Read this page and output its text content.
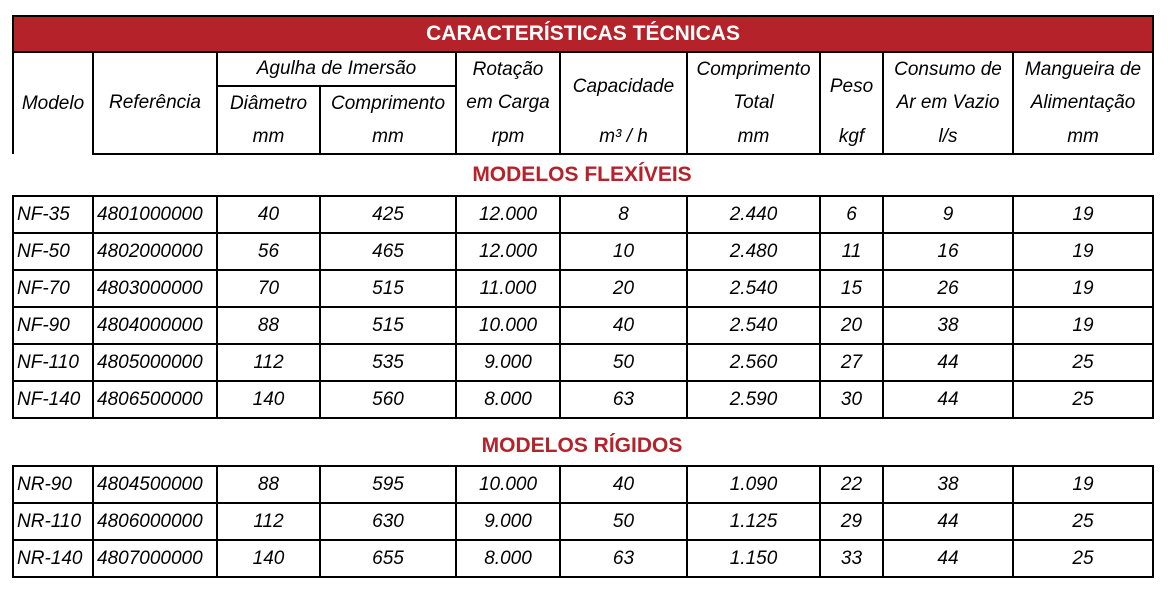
CARACTERÍSTICAS TÉCNICAS									
Modelo	Referência	Agulha de Imersão		Rotação	Capacidade	Comprimento	Peso	Consumo de	Mangueira de
		Diâmetro	Comprimento	em Carga		Total		Ar em Vazio	Alimentação
		mm	mm	rpm	m³ / h	mm	kgf	l/s	mm
MODELOS FLEXÍVEIS
NF-35	4801000000	40	425	12.000	8	2.440	6	9	19
NF-50	4802000000	56	465	12.000	10	2.480	11	16	19
NF-70	4803000000	70	515	11.000	20	2.540	15	26	19
NF-90	4804000000	88	515	10.000	40	2.540	20	38	19
NF-110	4805000000	112	535	9.000	50	2.560	27	44	25
NF-140	4806500000	140	560	8.000	63	2.590	30	44	25
MODELOS RÍGIDOS
NR-90	4804500000	88	595	10.000	40	1.090	22	38	19
NR-110	4806000000	112	630	9.000	50	1.125	29	44	25
NR-140	4807000000	140	655	8.000	63	1.150	33	44	25
